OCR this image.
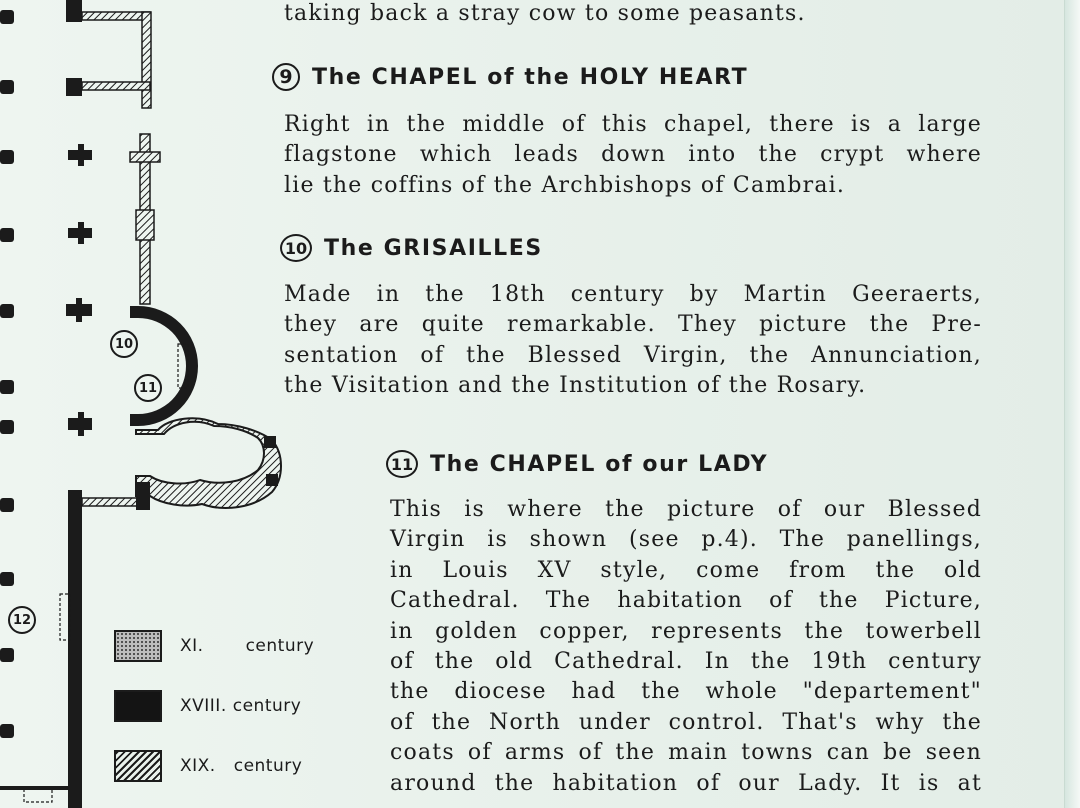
10
11
12
XI. century
XVIII. century
XIX. century
taking back a stray cow to some peasants.
9 The CHAPEL of the HOLY HEART

Right in the middle of this chapel, there is a large

flagstone which leads down into the crypt where

lie the coffins of the Archbishops of Cambrai.

10 The GRISAILLES

Made in the 18th century by Martin Geeraerts,

they are quite remarkable. They picture the Pre-

sentation of the Blessed Virgin, the Annunciation,

the Visitation and the Institution of the Rosary.

11 The CHAPEL of our LADY

This is where the picture of our Blessed

Virgin is shown (see p.4). The panellings,

in Louis XV style, come from the old

Cathedral. The habitation of the Picture,

in golden copper, represents the towerbell

of the old Cathedral. In the 19th century

the diocese had the whole "departement"

of the North under control. That's why the

coats of arms of the main towns can be seen

around the habitation of our Lady. It is at
